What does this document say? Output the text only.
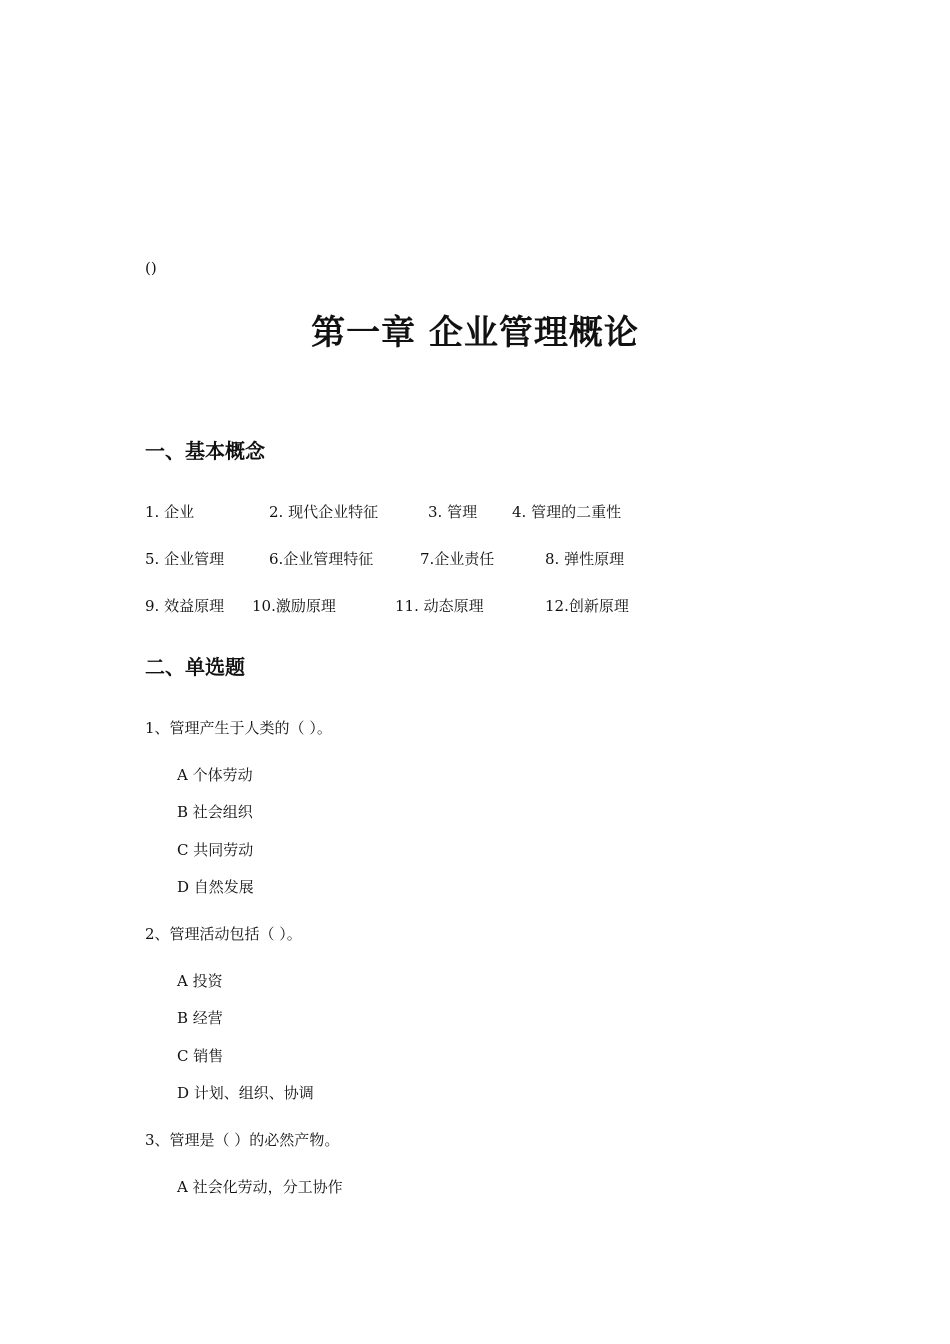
()
第一章 企业管理概论
一、基本概念
1. 企业	2. 现代企业特征	3. 管理 4. 管理的二重性
5. 企业管理	6.企业管理特征	7.企业责任	8. 弹性原理
9. 效益原理 10.激励原理	11. 动态原理	12.创新原理
二、单选题
1、管理产生于人类的（ ）。
A 个体劳动
B 社会组织
C 共同劳动
D 自然发展
2、管理活动包括（ ）。
A 投资
B 经营
C 销售
D 计划、组织、协调
3、管理是（ ）的必然产物。
A 社会化劳动，分工协作
